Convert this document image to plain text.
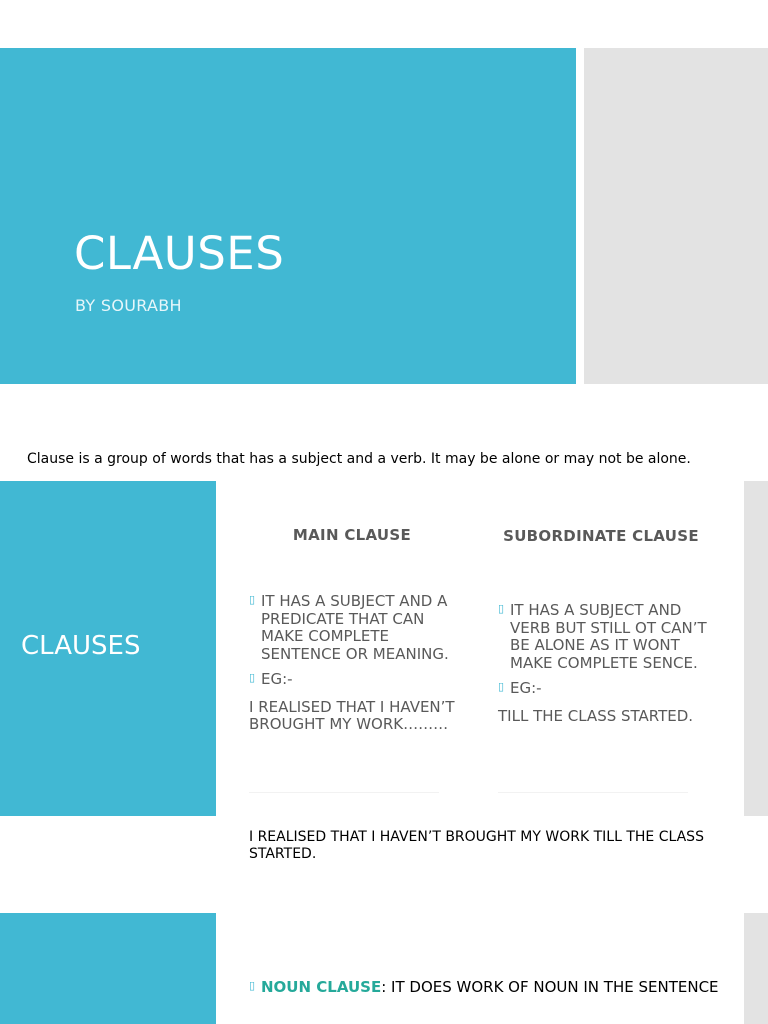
CLAUSES
BY SOURABH
Clause is a group of words that has a subject and a verb. It may be alone or may not be alone.
CLAUSES
MAIN CLAUSE	SUBORDINATE CLAUSE
▯ IT HAS A SUBJECT AND A PREDICATE THAT CAN MAKE COMPLETE SENTENCE OR MEANING.
▯ EG:-
I REALISED THAT I HAVEN’T BROUGHT MY WORK………
▯ IT HAS A SUBJECT AND VERB BUT STILL OT CAN’T BE ALONE AS IT WONT MAKE COMPLETE SENCE.
▯ EG:-
TILL THE CLASS STARTED.
I REALISED THAT I HAVEN’T BROUGHT MY WORK TILL THE CLASS STARTED.
▯ NOUN CLAUSE: IT DOES WORK OF NOUN IN THE SENTENCE
